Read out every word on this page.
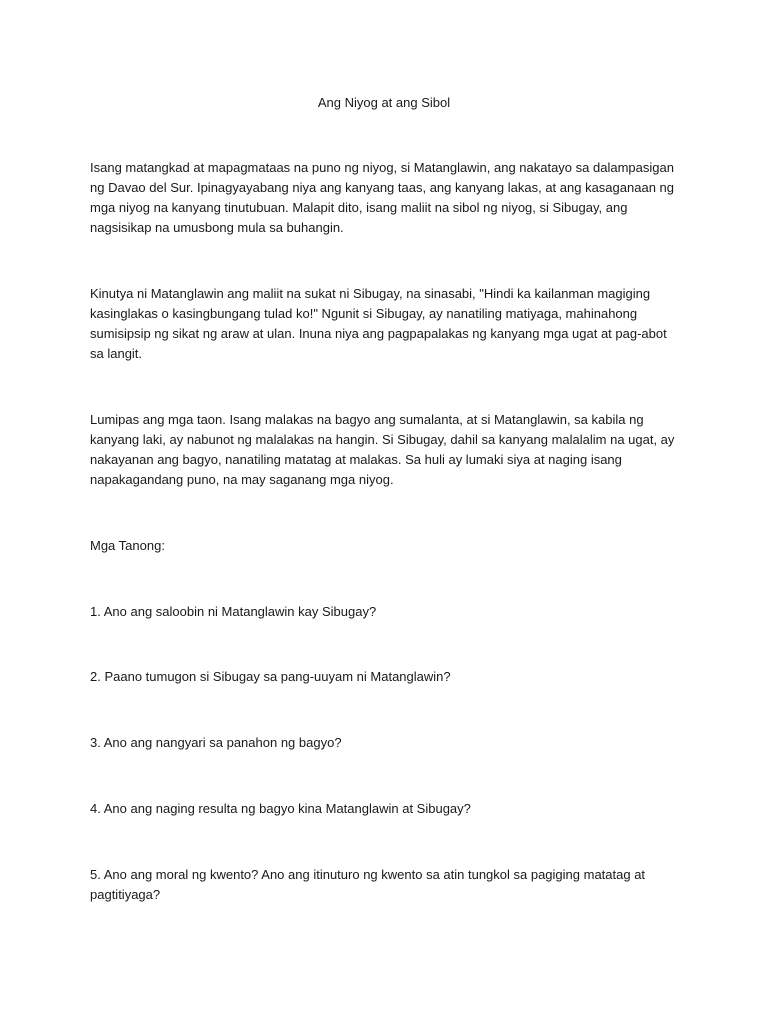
Ang Niyog at ang Sibol

Isang matangkad at mapagmataas na puno ng niyog, si Matanglawin, ang nakatayo sa dalampasigan ng Davao del Sur. Ipinagyayabang niya ang kanyang taas, ang kanyang lakas, at ang kasaganaan ng mga niyog na kanyang tinutubuan. Malapit dito, isang maliit na sibol ng niyog, si Sibugay, ang nagsisikap na umusbong mula sa buhangin.

Kinutya ni Matanglawin ang maliit na sukat ni Sibugay, na sinasabi, "Hindi ka kailanman magiging kasinglakas o kasingbungang tulad ko!" Ngunit si Sibugay, ay nanatiling matiyaga, mahinahong sumisipsip ng sikat ng araw at ulan. Inuna niya ang pagpapalakas ng kanyang mga ugat at pag-abot sa langit.

Lumipas ang mga taon. Isang malakas na bagyo ang sumalanta, at si Matanglawin, sa kabila ng kanyang laki, ay nabunot ng malalakas na hangin. Si Sibugay, dahil sa kanyang malalalim na ugat, ay nakayanan ang bagyo, nanatiling matatag at malakas. Sa huli ay lumaki siya at naging isang napakagandang puno, na may saganang mga niyog.

Mga Tanong:

1. Ano ang saloobin ni Matanglawin kay Sibugay?

2. Paano tumugon si Sibugay sa pang-uuyam ni Matanglawin?

3. Ano ang nangyari sa panahon ng bagyo?

4. Ano ang naging resulta ng bagyo kina Matanglawin at Sibugay?

5. Ano ang moral ng kwento? Ano ang itinuturo ng kwento sa atin tungkol sa pagiging matatag at pagtitiyaga?
